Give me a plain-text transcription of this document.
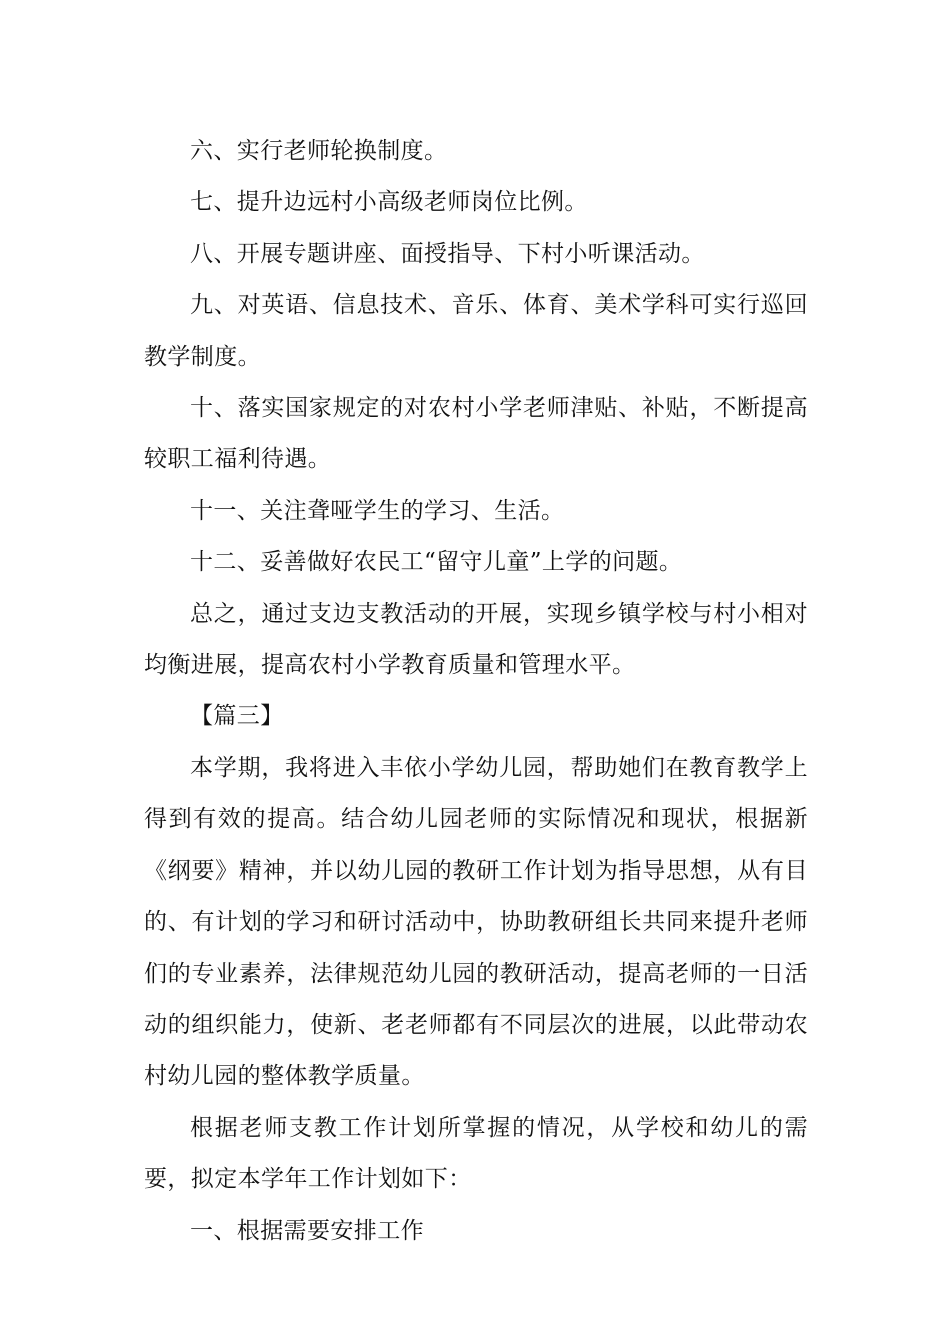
六、实行老师轮换制度。

七、提升边远村小高级老师岗位比例。

八、开展专题讲座、面授指导、下村小听课活动。

九、对英语、信息技术、音乐、体育、美术学科可实行巡回教学制度。

十、落实国家规定的对农村小学老师津贴、补贴，不断提高较职工福利待遇。

十一、关注聋哑学生的学习、生活。

十二、妥善做好农民工“留守儿童”上学的问题。

总之，通过支边支教活动的开展，实现乡镇学校与村小相对均衡进展，提高农村小学教育质量和管理水平。

【篇三】

本学期，我将进入丰依小学幼儿园，帮助她们在教育教学上得到有效的提高。结合幼儿园老师的实际情况和现状，根据新《纲要》精神，并以幼儿园的教研工作计划为指导思想，从有目的、有计划的学习和研讨活动中，协助教研组长共同来提升老师们的专业素养，法律规范幼儿园的教研活动，提高老师的一日活动的组织能力，使新、老老师都有不同层次的进展，以此带动农村幼儿园的整体教学质量。

根据老师支教工作计划所掌握的情况，从学校和幼儿的需要，拟定本学年工作计划如下：

一、根据需要安排工作
